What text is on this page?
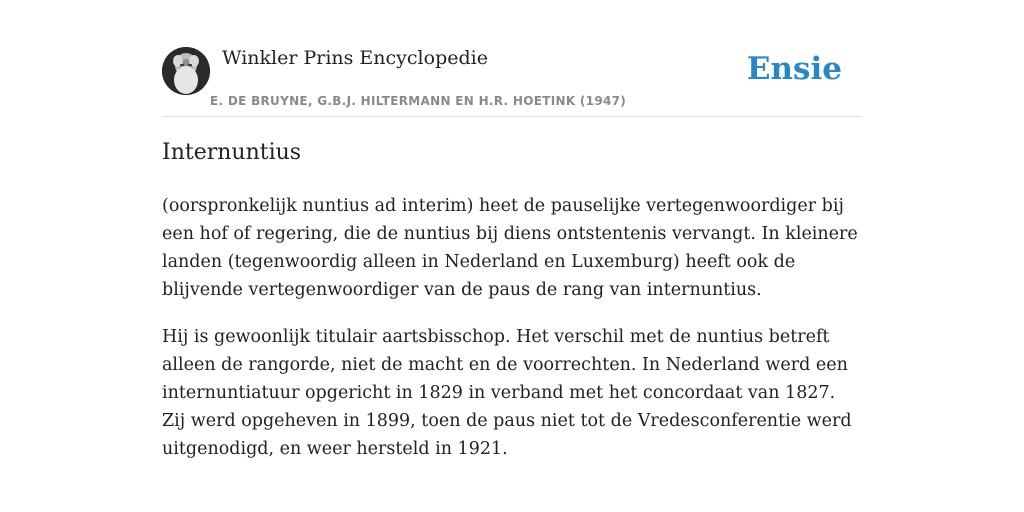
Winkler Prins Encyclopedie
E. DE BRUYNE, G.B.J. HILTERMANN EN H.R. HOETINK (1947)
Ensie
Internuntius

(oorspronkelijk nuntius ad interim) heet de pauselijke vertegenwoordiger bij een hof of regering, die de nuntius bij diens ontstentenis vervangt. In kleinere landen (tegenwoordig alleen in Nederland en Luxemburg) heeft ook de blijvende vertegenwoordiger van de paus de rang van internuntius.

Hij is gewoonlijk titulair aartsbisschop. Het verschil met de nuntius betreft alleen de rangorde, niet de macht en de voorrechten. In Nederland werd een internuntiatuur opgericht in 1829 in verband met het concordaat van 1827. Zij werd opgeheven in 1899, toen de paus niet tot de Vredesconferentie werd uitgenodigd, en weer hersteld in 1921.
